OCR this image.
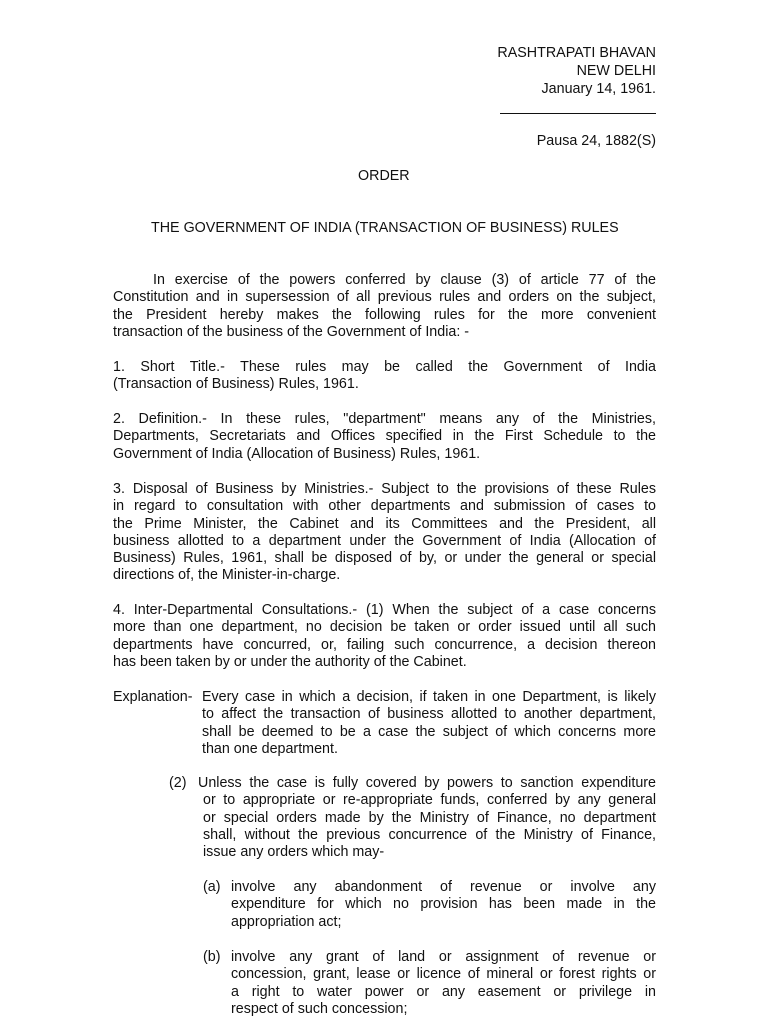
RASHTRAPATI BHAVAN
NEW DELHI
January 14, 1961.
Pausa 24, 1882(S)
ORDER
THE GOVERNMENT OF INDIA (TRANSACTION OF BUSINESS) RULES
In exercise of the powers conferred by clause (3) of article 77 of the
Constitution and in supersession of all previous rules and orders on the subject,
the President hereby makes the following rules for the more convenient
transaction of the business of the Government of India: -
1. Short Title.- These rules may be called the Government of India
(Transaction of Business) Rules, 1961.
2. Definition.- In these rules, "department" means any of the Ministries,
Departments, Secretariats and Offices specified in the First Schedule to the
Government of India (Allocation of Business) Rules, 1961.
3. Disposal of Business by Ministries.- Subject to the provisions of these Rules
in regard to consultation with other departments and submission of cases to
the Prime Minister, the Cabinet and its Committees and the President, all
business allotted to a department under the Government of India (Allocation of
Business) Rules, 1961, shall be disposed of by, or under the general or special
directions of, the Minister-in-charge.
4. Inter-Departmental Consultations.- (1) When the subject of a case concerns
more than one department, no decision be taken or order issued until all such
departments have concurred, or, failing such concurrence, a decision thereon
has been taken by or under the authority of the Cabinet.
Explanation- Every case in which a decision, if taken in one Department, is likely
to affect the transaction of business allotted to another department,
shall be deemed to be a case the subject of which concerns more
than one department.
(2) Unless the case is fully covered by powers to sanction expenditure
or to appropriate or re-appropriate funds, conferred by any general
or special orders made by the Ministry of Finance, no department
shall, without the previous concurrence of the Ministry of Finance,
issue any orders which may-
(a) involve any abandonment of revenue or involve any
expenditure for which no provision has been made in the
appropriation act;
(b) involve any grant of land or assignment of revenue or
concession, grant, lease or licence of mineral or forest rights or
a right to water power or any easement or privilege in
respect of such concession;
